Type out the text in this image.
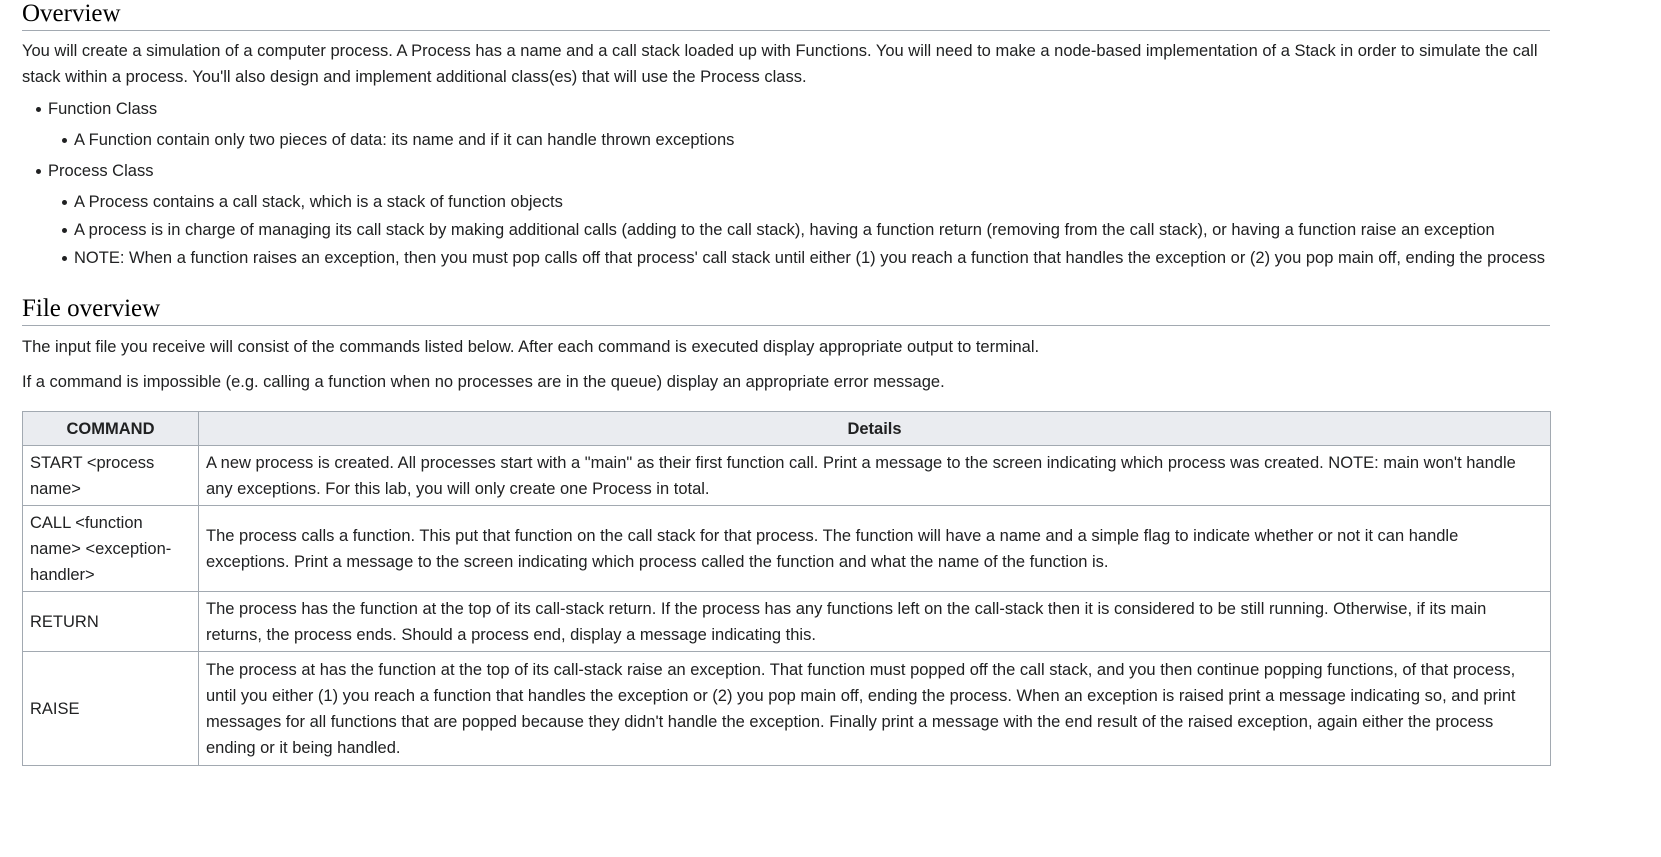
Overview

You will create a simulation of a computer process. A Process has a name and a call stack loaded up with Functions. You will need to make a node-based implementation of a Stack in order to simulate the call stack within a process. You'll also design and implement additional class(es) that will use the Process class.

Function Class
A Function contain only two pieces of data: its name and if it can handle thrown exceptions
Process Class
A Process contains a call stack, which is a stack of function objects
A process is in charge of managing its call stack by making additional calls (adding to the call stack), having a function return (removing from the call stack), or having a function raise an exception
NOTE: When a function raises an exception, then you must pop calls off that process' call stack until either (1) you reach a function that handles the exception or (2) you pop main off, ending the process
File overview

The input file you receive will consist of the commands listed below. After each command is executed display appropriate output to terminal.

If a command is impossible (e.g. calling a function when no processes are in the queue) display an appropriate error message.

COMMAND	Details
START <process name>	A new process is created. All processes start with a "main" as their first function call. Print a message to the screen indicating which process was created. NOTE: main won't handle any exceptions. For this lab, you will only create one Process in total.
CALL <function name> <exception-handler>	The process calls a function. This put that function on the call stack for that process. The function will have a name and a simple flag to indicate whether or not it can handle exceptions. Print a message to the screen indicating which process called the function and what the name of the function is.
RETURN	The process has the function at the top of its call-stack return. If the process has any functions left on the call-stack then it is considered to be still running. Otherwise, if its main returns, the process ends. Should a process end, display a message indicating this.
RAISE	The process at has the function at the top of its call-stack raise an exception. That function must popped off the call stack, and you then continue popping functions, of that process, until you either (1) you reach a function that handles the exception or (2) you pop main off, ending the process. When an exception is raised print a message indicating so, and print messages for all functions that are popped because they didn't handle the exception. Finally print a message with the end result of the raised exception, again either the process ending or it being handled.
